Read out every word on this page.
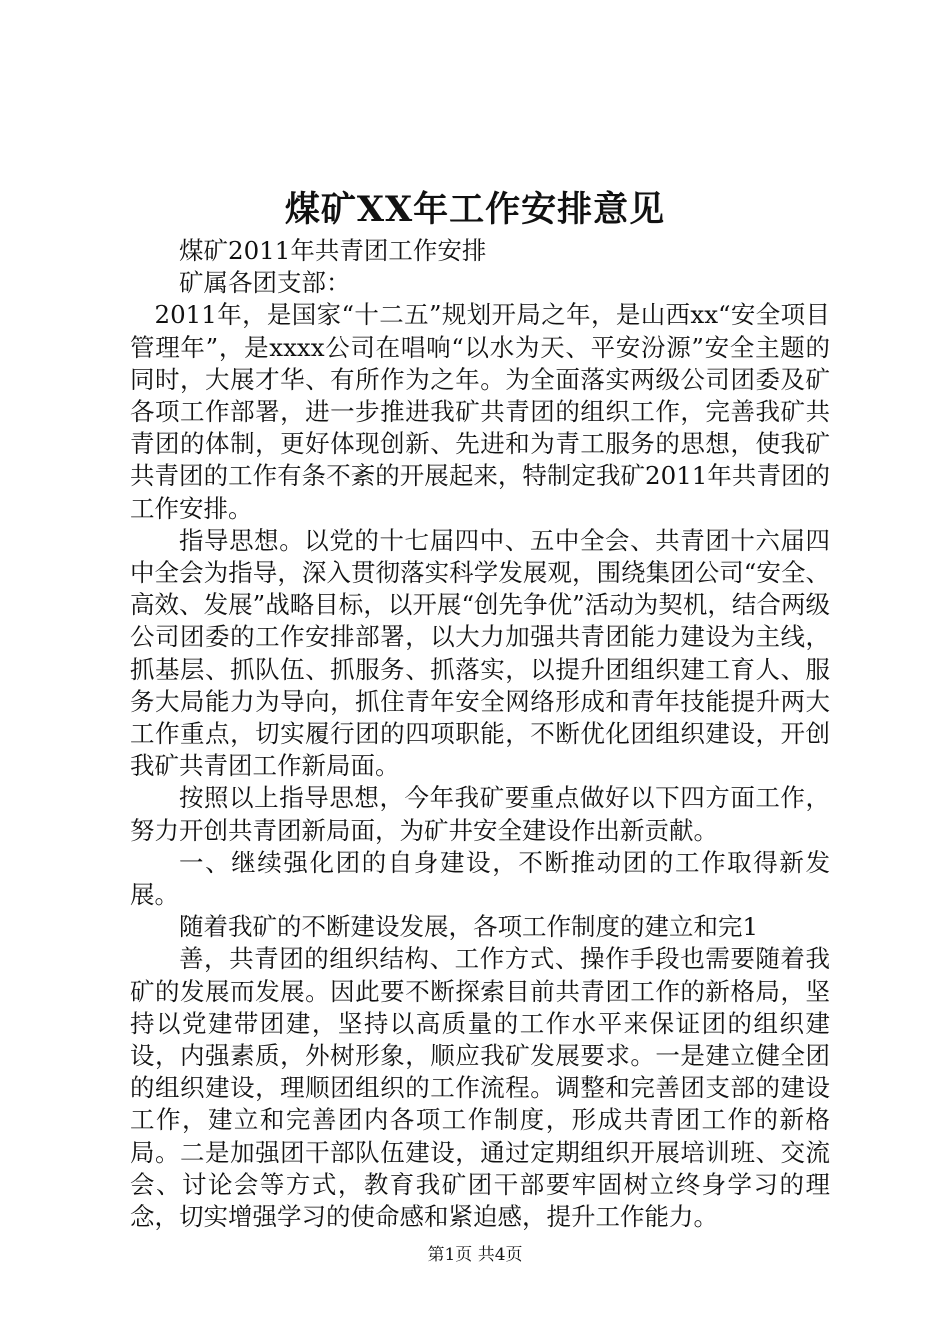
煤矿XX年工作安排意见

煤矿2011年共青团工作安排

矿属各团支部：

2011年，是国家“十二五”规划开局之年，是山西xx“安全项目管理年”，是xxxx公司在唱响“以水为天、平安汾源”安全主题的同时，大展才华、有所作为之年。为全面落实两级公司团委及矿各项工作部署，进一步推进我矿共青团的组织工作，完善我矿共青团的体制，更好体现创新、先进和为青工服务的思想，使我矿共青团的工作有条不紊的开展起来，特制定我矿2011年共青团的工作安排。

指导思想。以党的十七届四中、五中全会、共青团十六届四中全会为指导，深入贯彻落实科学发展观，围绕集团公司“安全、高效、发展”战略目标，以开展“创先争优”活动为契机，结合两级公司团委的工作安排部署，以大力加强共青团能力建设为主线，抓基层、抓队伍、抓服务、抓落实，以提升团组织建工育人、服务大局能力为导向，抓住青年安全网络形成和青年技能提升两大工作重点，切实履行团的四项职能，不断优化团组织建设，开创我矿共青团工作新局面。

按照以上指导思想，今年我矿要重点做好以下四方面工作，努力开创共青团新局面，为矿井安全建设作出新贡献。

一、继续强化团的自身建设，不断推动团的工作取得新发展。

随着我矿的不断建设发展，各项工作制度的建立和完1

善，共青团的组织结构、工作方式、操作手段也需要随着我矿的发展而发展。因此要不断探索目前共青团工作的新格局，坚持以党建带团建，坚持以高质量的工作水平来保证团的组织建设，内强素质，外树形象，顺应我矿发展要求。一是建立健全团的组织建设，理顺团组织的工作流程。调整和完善团支部的建设工作，建立和完善团内各项工作制度，形成共青团工作的新格局。二是加强团干部队伍建设，通过定期组织开展培训班、交流会、讨论会等方式，教育我矿团干部要牢固树立终身学习的理念，切实增强学习的使命感和紧迫感，提升工作能力。

第1页 共4页
